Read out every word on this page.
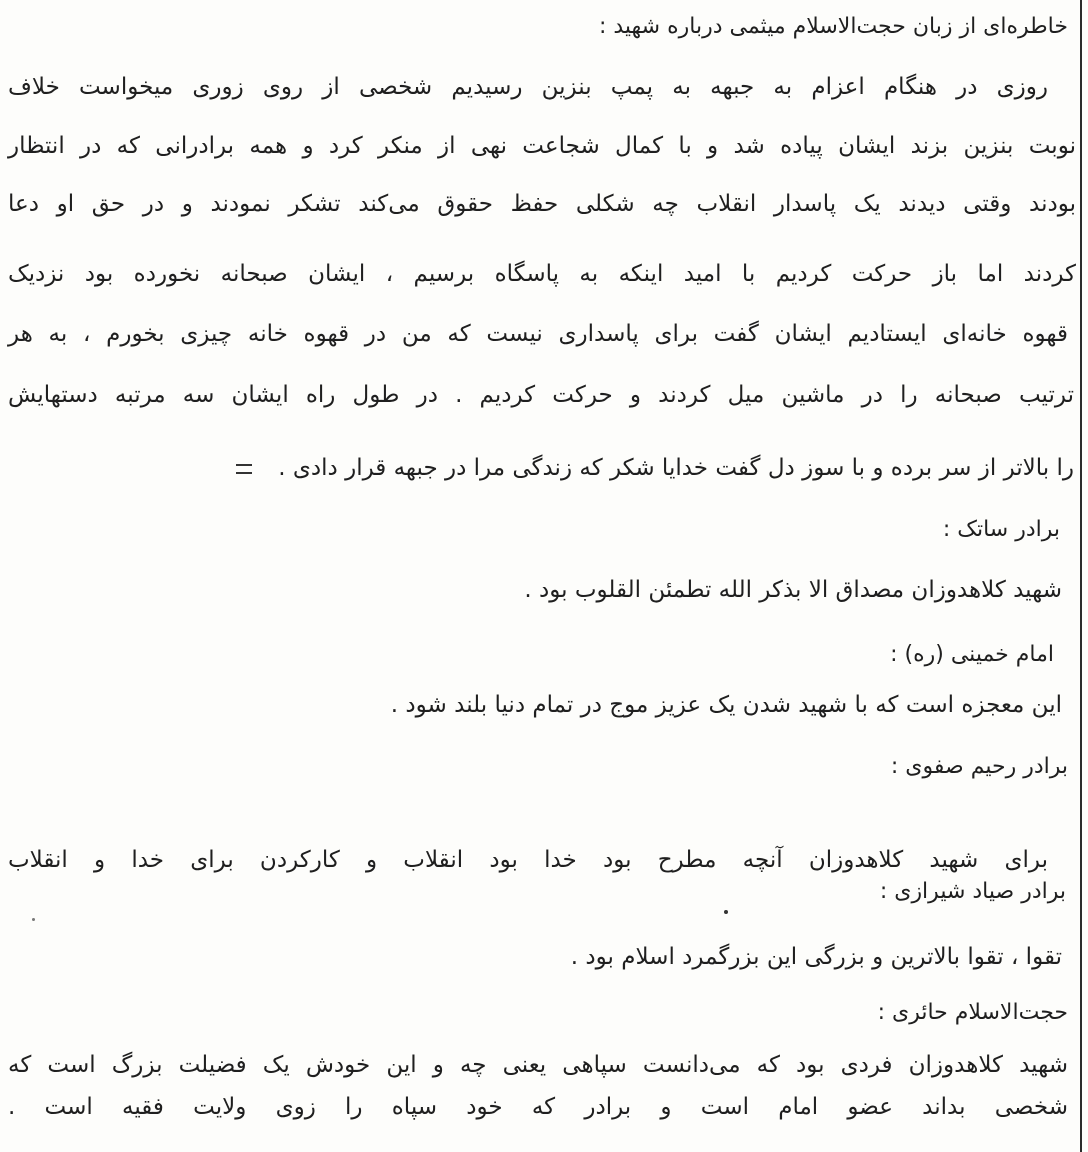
خاطره‌ای از زبان حجت‌الاسلام میثمی درباره شهید :
روزی در هنگام اعزام به جبهه به پمپ بنزین رسیدیم شخصی از روی زوری میخواست خلاف
نوبت بنزین بزند ایشان پیاده شد و با کمال شجاعت نهی از منکر کرد و همه برادرانی که در انتظار
بودند وقتی دیدند یک پاسدار انقلاب چه شکلی حفظ حقوق می‌کند تشکر نمودند و در حق او دعا
کردند اما باز حرکت کردیم با امید اینکه به پاسگاه برسیم ، ایشان صبحانه نخورده بود نزدیک
قهوه خانه‌ای ایستادیم ایشان گفت برای پاسداری نیست که من در قهوه خانه چیزی بخورم ، به هر
ترتیب صبحانه را در ماشین میل کردند و حرکت کردیم . در طول راه ایشان سه مرتبه دستهایش
را بالاتر از سر برده و با سوز دل گفت خدایا شکر که زندگی مرا در جبهه قرار دادی .
برادر ساتک :
شهید کلاهدوزان مصداق الا بذکر الله تطمئن القلوب بود .
امام خمینی (ره) :
این معجزه است که با شهید شدن یک عزیز موج در تمام دنیا بلند شود .
برادر رحیم صفوی :
برای شهید کلاهدوزان آنچه مطرح بود خدا بود انقلاب و کارکردن برای خدا و انقلاب
برادر صیاد شیرازی :
تقوا ، تقوا بالاترین و بزرگی این بزرگمرد اسلام بود .
حجت‌الاسلام حائری :
شهید کلاهدوزان فردی بود که می‌دانست سپاهی یعنی چه و این خودش یک فضیلت بزرگ است که
شخصی بداند عضو امام است و برادر که خود سپاه را زوی ولایت فقیه است .
